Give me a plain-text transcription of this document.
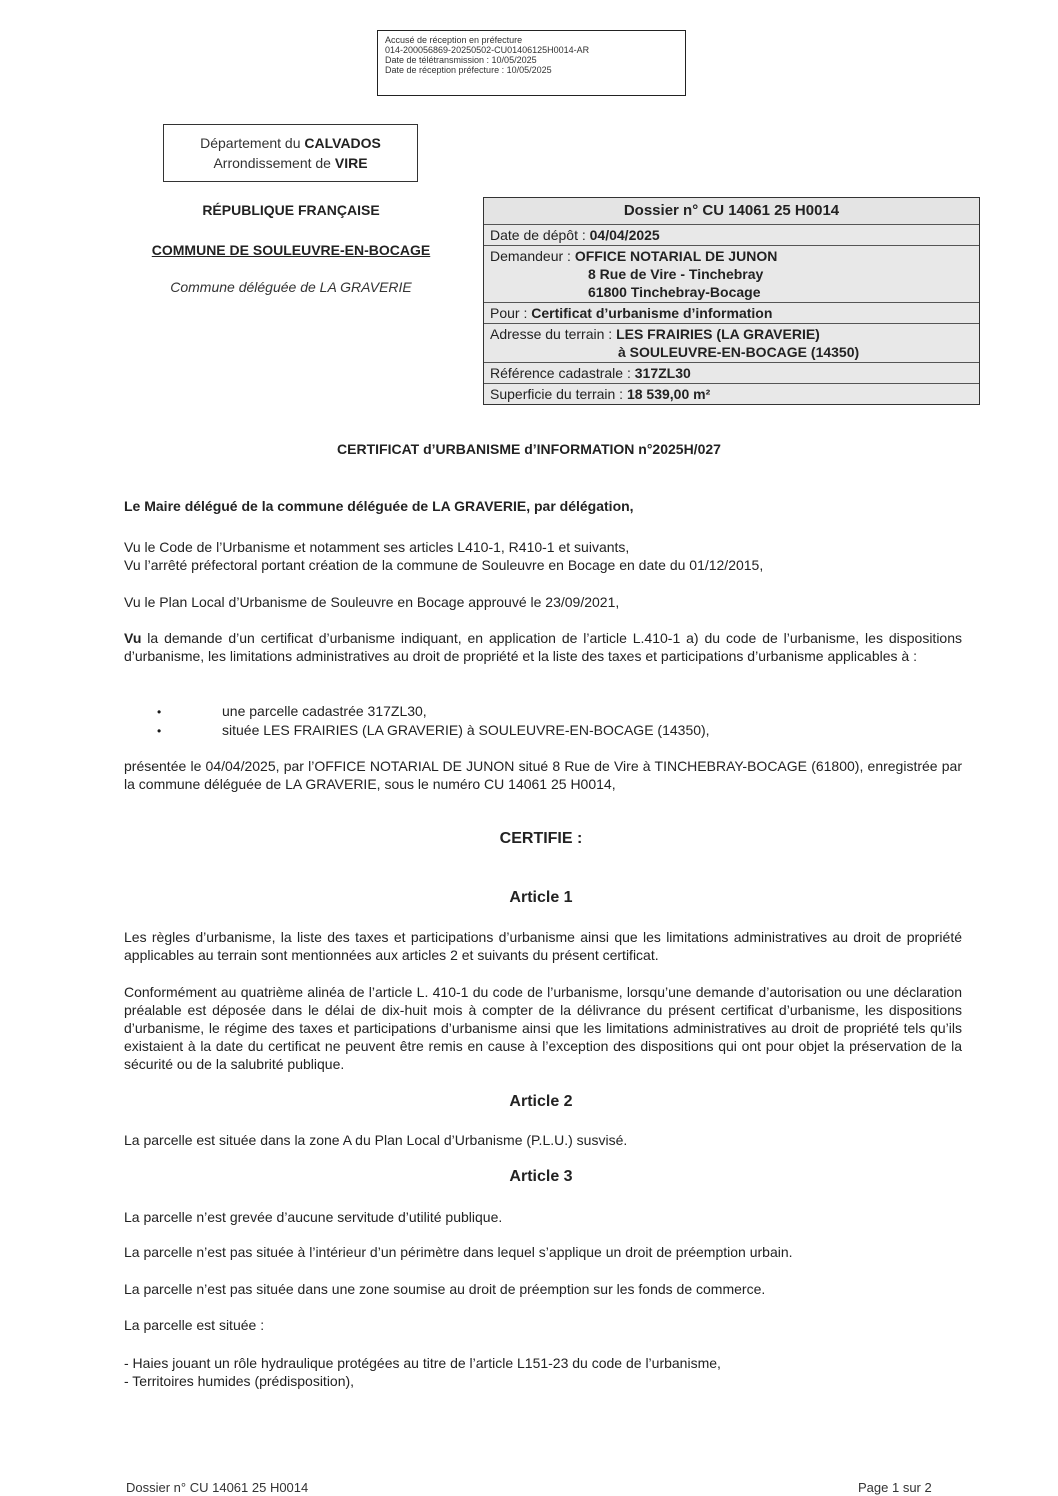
Accusé de réception en préfecture
014-200056869-20250502-CU01406125H0014-AR
Date de télétransmission : 10/05/2025
Date de réception préfecture : 10/05/2025
Département du CALVADOS
Arrondissement de VIRE
RÉPUBLIQUE FRANÇAISE
COMMUNE DE SOULEUVRE-EN-BOCAGE
Commune déléguée de LA GRAVERIE
Dossier n° CU 14061 25 H0014
Date de dépôt : 04/04/2025
Demandeur : OFFICE NOTARIAL DE JUNON
8 Rue de Vire - Tinchebray
61800 Tinchebray-Bocage
Pour : Certificat d’urbanisme d’information
Adresse du terrain : LES FRAIRIES (LA GRAVERIE)
à SOULEUVRE-EN-BOCAGE (14350)
Référence cadastrale : 317ZL30
Superficie du terrain : 18 539,00 m²
CERTIFICAT d’URBANISME d’INFORMATION n°2025H/027
Le Maire délégué de la commune déléguée de LA GRAVERIE, par délégation,
Vu le Code de l’Urbanisme et notamment ses articles L410-1, R410-1 et suivants,
Vu l’arrêté préfectoral portant création de la commune de Souleuvre en Bocage en date du 01/12/2015,
Vu le Plan Local d’Urbanisme de Souleuvre en Bocage approuvé le 23/09/2021,
Vu la demande d’un certificat d’urbanisme indiquant, en application de l’article L.410-1 a) du code de l’urbanisme, les dispositions d’urbanisme, les limitations administratives au droit de propriété et la liste des taxes et participations d’urbanisme applicables à :
•	une parcelle cadastrée 317ZL30,
•	située LES FRAIRIES (LA GRAVERIE) à SOULEUVRE-EN-BOCAGE (14350),
présentée le 04/04/2025, par l’OFFICE NOTARIAL DE JUNON situé 8 Rue de Vire à TINCHEBRAY-BOCAGE (61800), enregistrée par la commune déléguée de LA GRAVERIE, sous le numéro CU 14061 25 H0014,
CERTIFIE :
Article 1
Les règles d’urbanisme, la liste des taxes et participations d’urbanisme ainsi que les limitations administratives au droit de propriété applicables au terrain sont mentionnées aux articles 2 et suivants du présent certificat.
Conformément au quatrième alinéa de l’article L. 410-1 du code de l’urbanisme, lorsqu’une demande d’autorisation ou une déclaration préalable est déposée dans le délai de dix-huit mois à compter de la délivrance du présent certificat d’urbanisme, les dispositions d’urbanisme, le régime des taxes et participations d’urbanisme ainsi que les limitations administratives au droit de propriété tels qu’ils existaient à la date du certificat ne peuvent être remis en cause à l’exception des dispositions qui ont pour objet la préservation de la sécurité ou de la salubrité publique.
Article 2
La parcelle est située dans la zone A du Plan Local d’Urbanisme (P.L.U.) susvisé.
Article 3
La parcelle n’est grevée d’aucune servitude d’utilité publique.
La parcelle n’est pas située à l’intérieur d’un périmètre dans lequel s’applique un droit de préemption urbain.
La parcelle n’est pas située dans une zone soumise au droit de préemption sur les fonds de commerce.
La parcelle est située :
- Haies jouant un rôle hydraulique protégées au titre de l’article L151-23 du code de l’urbanisme,
- Territoires humides (prédisposition),
Dossier n° CU 14061 25 H0014	Page 1 sur 2
